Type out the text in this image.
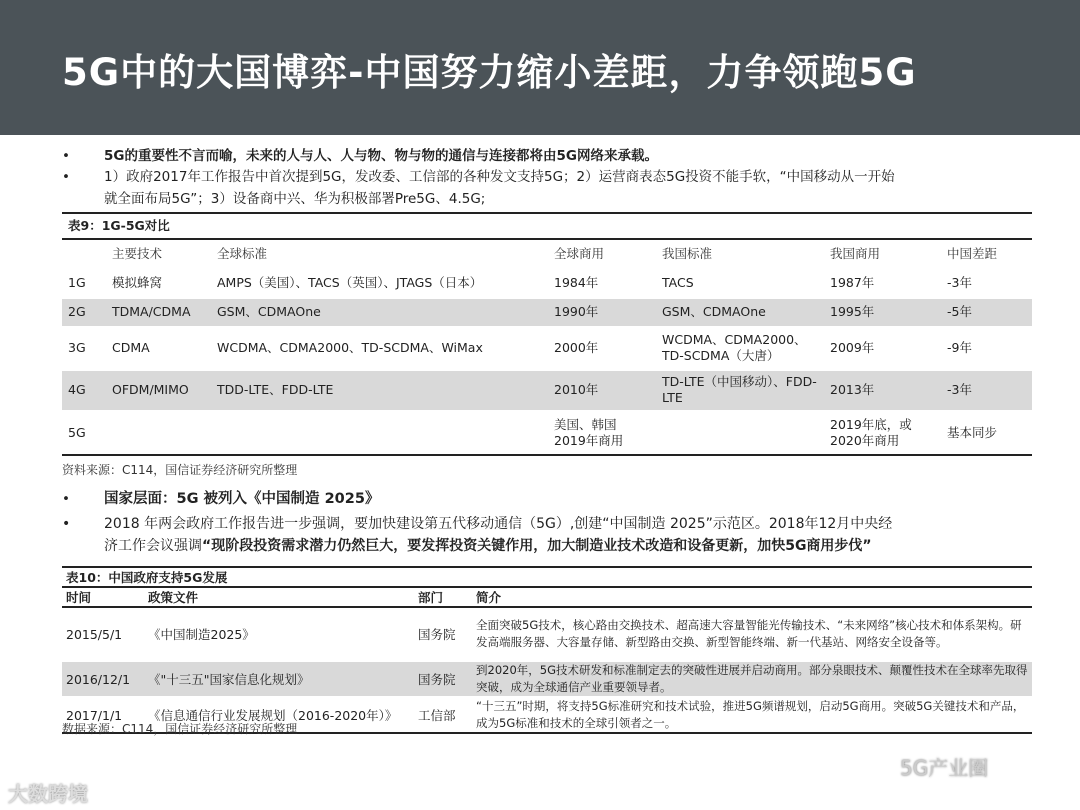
5G中的大国博弈-中国努力缩小差距，力争领跑5G
•	5G的重要性不言而喻，未来的人与人、人与物、物与物的通信与连接都将由5G网络来承载。
•	1）政府2017年工作报告中首次提到5G，发改委、工信部的各种发文支持5G；2）运营商表态5G投资不能手软，“中国移动从一开始
就全面布局5G”；3）设备商中兴、华为积极部署Pre5G、4.5G;
表9：1G-5G对比						
	主要技术	全球标准	全球商用	我国标准	我国商用	中国差距
1G	模拟蜂窝	AMPS（美国）、TACS（英国）、JTAGS（日本）	1984年	TACS	1987年	-3年
2G	TDMA/CDMA	GSM、CDMAOne	1990年	GSM、CDMAOne	1995年	-5年
3G	CDMA	WCDMA、CDMA2000、TD-SCDMA、WiMax	2000年	WCDMA、CDMA2000、TD-SCDMA（大唐）	2009年	-9年
4G	OFDM/MIMO	TDD-LTE、FDD-LTE	2010年	TD-LTE（中国移动）、FDD-LTE	2013年	-3年
5G			美国、韩国 2019年商用		2019年底，或 2020年商用	基本同步

资料来源：C114，国信证券经济研究所整理
• 国家层面：5G 被列入《中国制造 2025》
• 2018 年两会政府工作报告进一步强调，要加快建设第五代移动通信（5G）,创建“中国制造 2025”示范区。2018年12月中央经
济工作会议强调“现阶段投资需求潜力仍然巨大，要发挥投资关键作用，加大制造业技术改造和设备更新，加快5G商用步伐”
表10：中国政府支持5G发展			
时间	政策文件	部门	简介
2015/5/1	《中国制造2025》	国务院	全面突破5G技术，核心路由交换技术、超高速大容量智能光传输技术、“未来网络”核心技术和体系架构。研发高端服务器、大容量存储、新型路由交换、新型智能终端、新一代基站、网络安全设备等。
2016/12/1	《"十三五"国家信息化规划》	国务院	到2020年，5G技术研发和标准制定去的突破性进展并启动商用。部分泉眼技术、颠覆性技术在全球率先取得突破，成为全球通信产业重要领导者。
2017/1/1	《信息通信行业发展规划（2016-2020年）》	工信部	“十三五”时期，将支持5G标准研究和技术试验，推进5G频谱规划，启动5G商用。突破5G关键技术和产品，成为5G标准和技术的全球引领者之一。
数据来源：C114，国信证券经济研究所整理
大数跨境
5G产业圈
